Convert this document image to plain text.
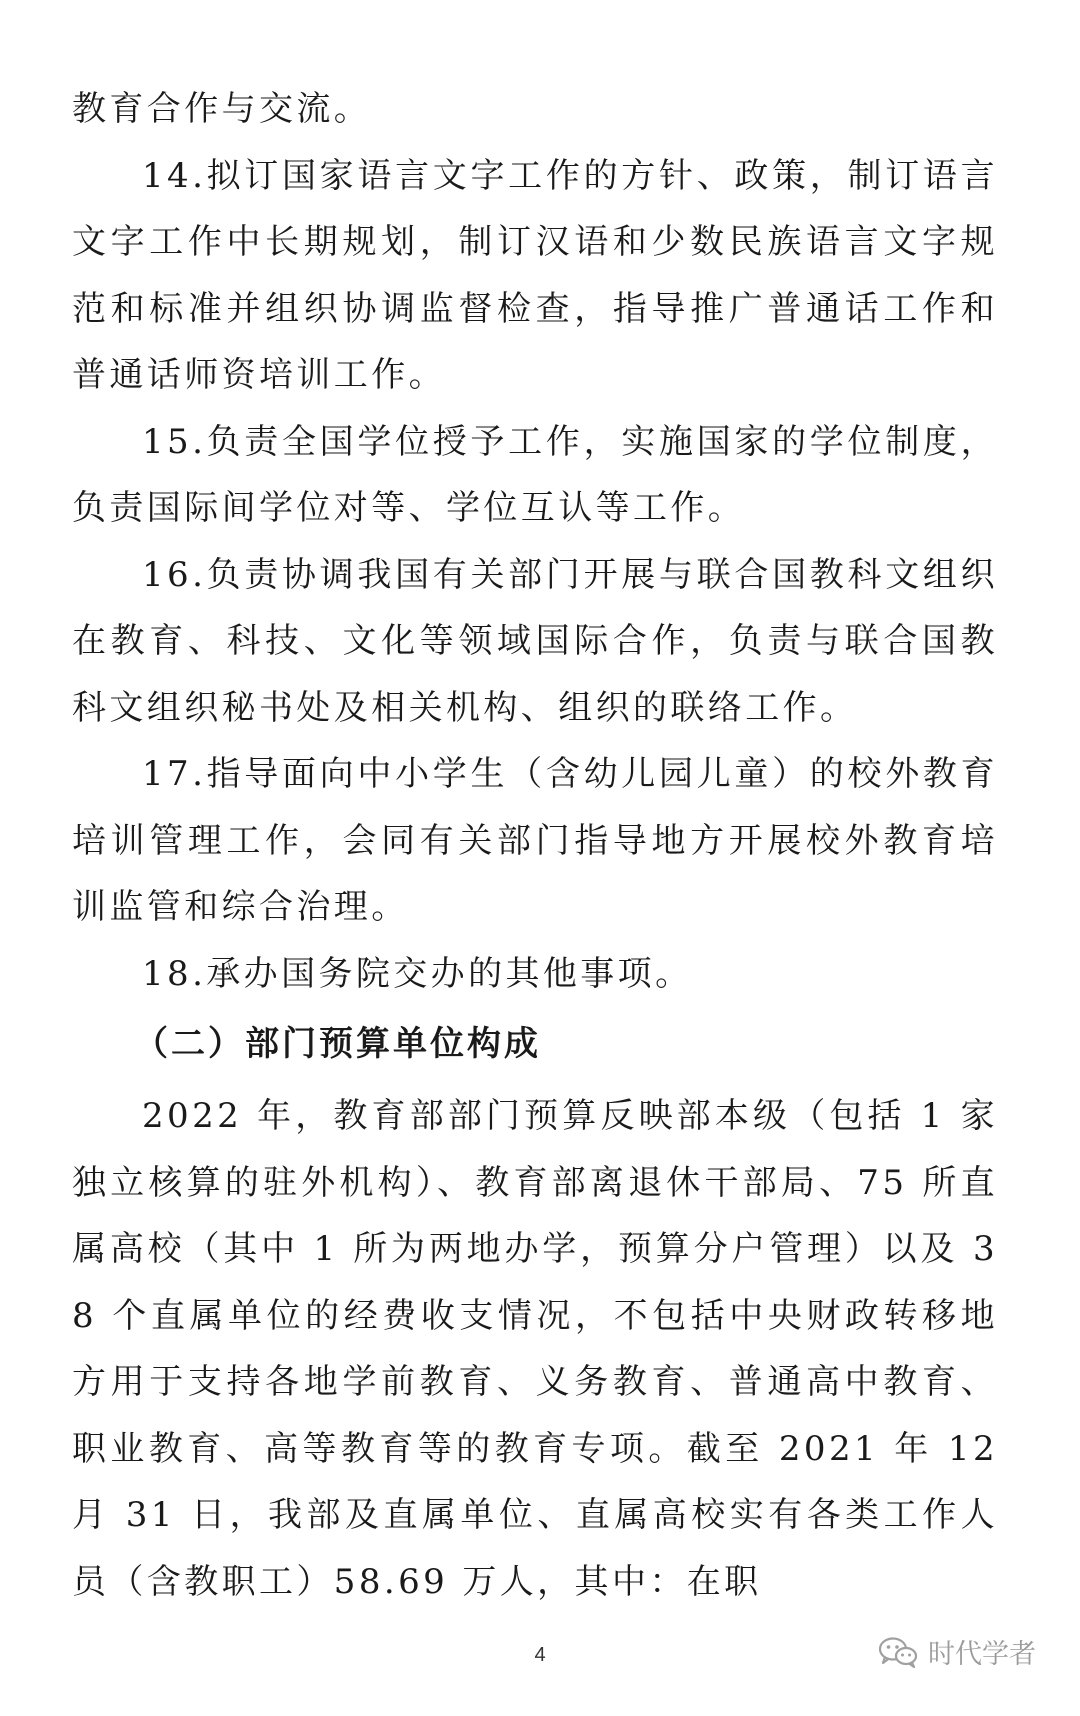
教育合作与交流。

14.拟订国家语言文字工作的方针、政策，制订语言文字工作中长期规划，制订汉语和少数民族语言文字规范和标准并组织协调监督检查，指导推广普通话工作和普通话师资培训工作。

15.负责全国学位授予工作，实施国家的学位制度，负责国际间学位对等、学位互认等工作。

16.负责协调我国有关部门开展与联合国教科文组织在教育、科技、文化等领域国际合作，负责与联合国教科文组织秘书处及相关机构、组织的联络工作。

17.指导面向中小学生（含幼儿园儿童）的校外教育培训管理工作，会同有关部门指导地方开展校外教育培训监管和综合治理。

18.承办国务院交办的其他事项。

（二）部门预算单位构成

2022 年，教育部部门预算反映部本级（包括 1 家独立核算的驻外机构）、教育部离退休干部局、75 所直属高校（其中 1 所为两地办学，预算分户管理）以及 38 个直属单位的经费收支情况，不包括中央财政转移地方用于支持各地学前教育、义务教育、普通高中教育、职业教育、高等教育等的教育专项。截至 2021 年 12 月 31 日，我部及直属单位、直属高校实有各类工作人员（含教职工）58.69 万人，其中：在职

4	时代学者
